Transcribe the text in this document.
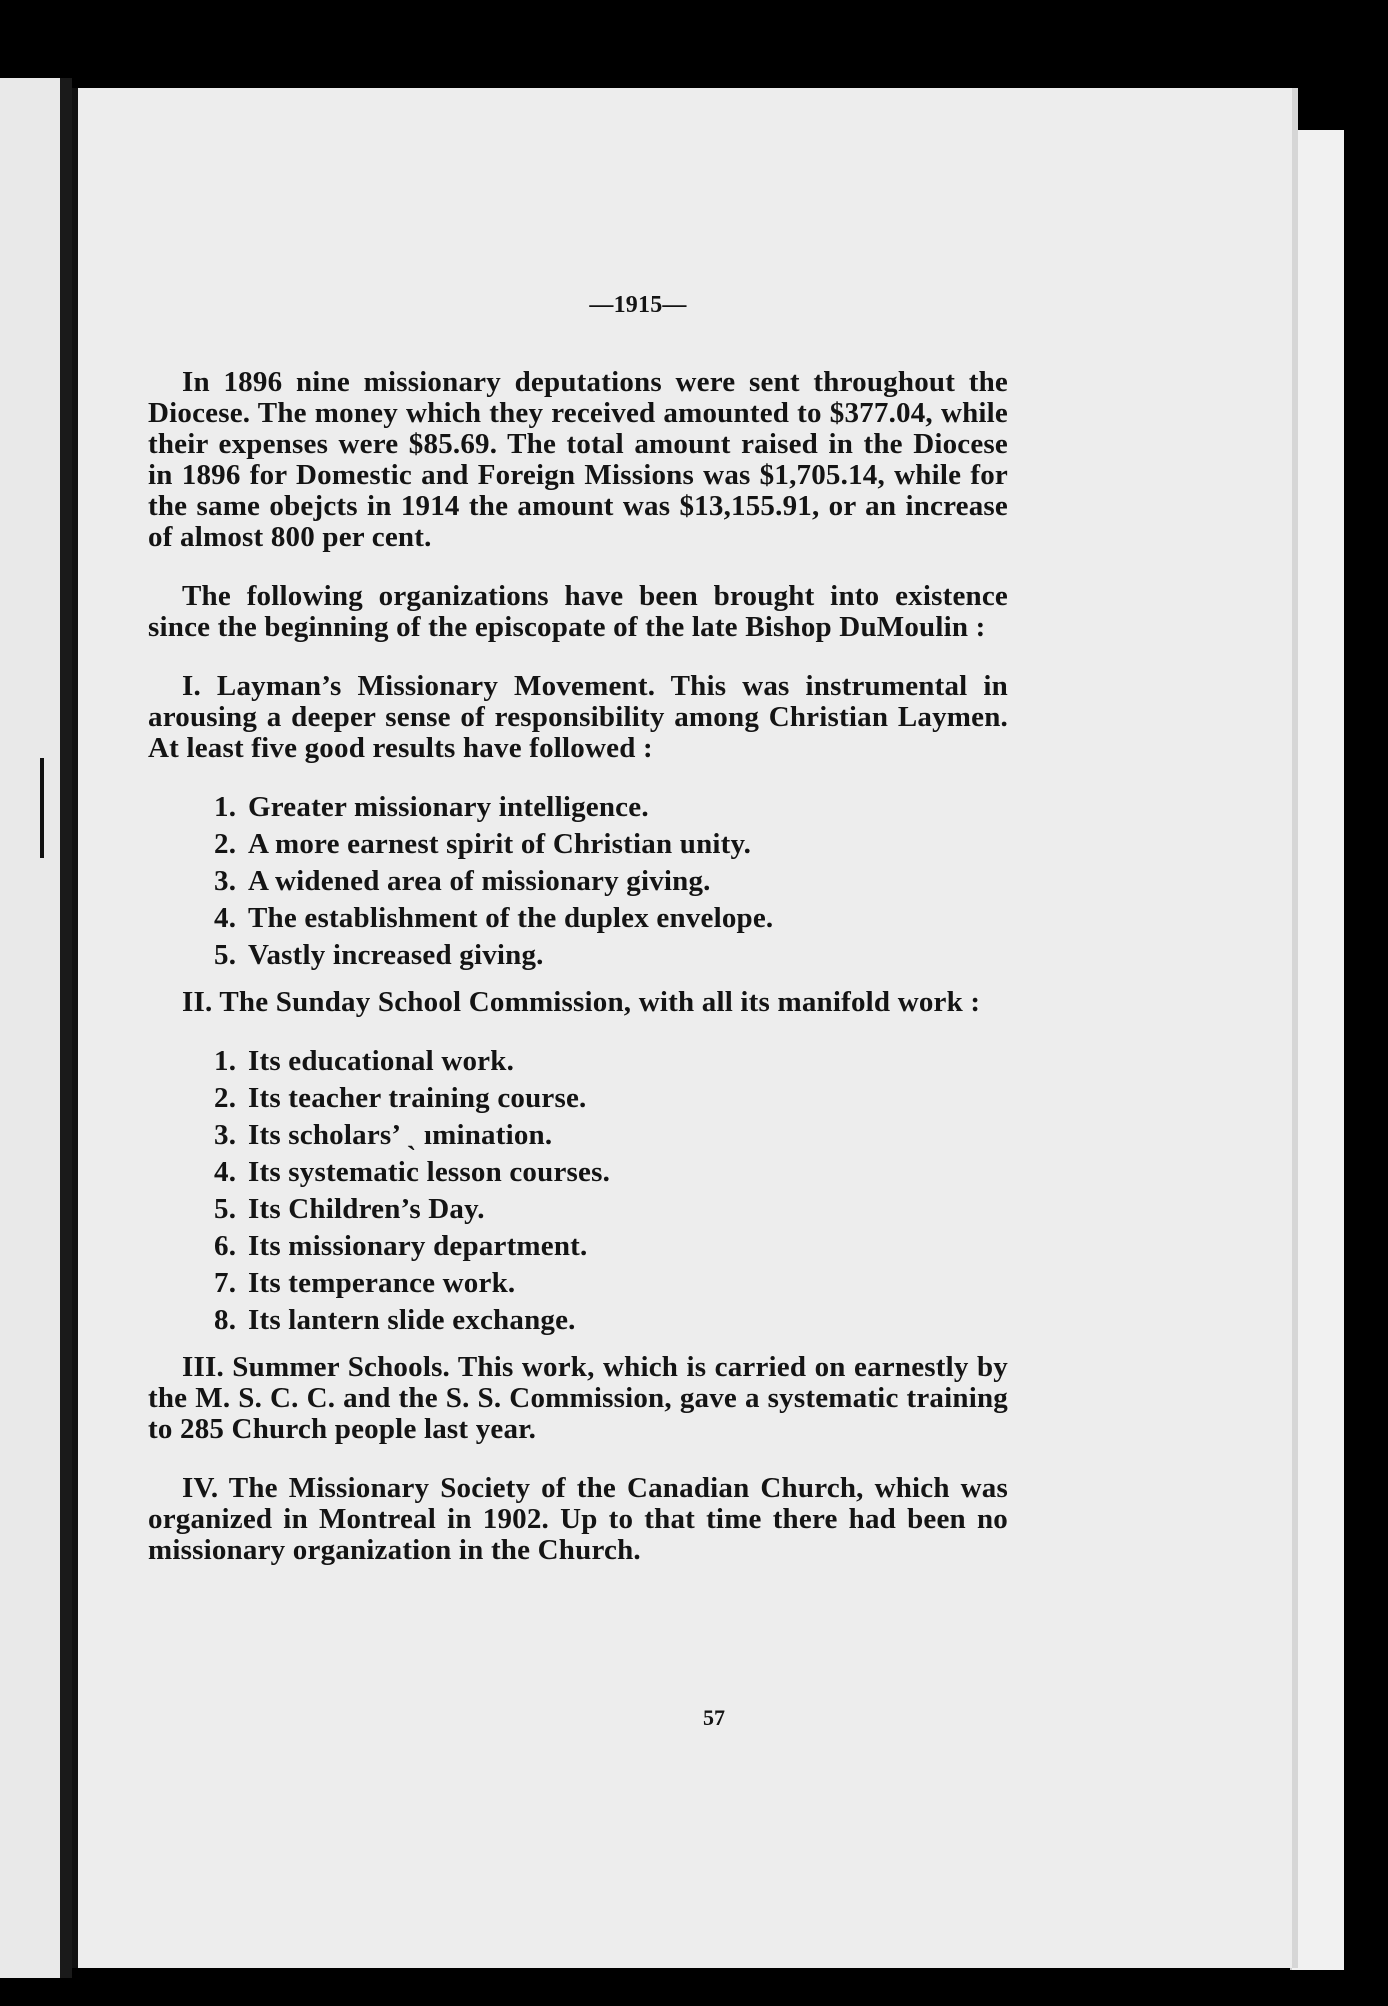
—1915—

In 1896 nine missionary deputations were sent throughout the Diocese. The money which they received amounted to $377.04, while their expenses were $85.69. The total amount raised in the Diocese in 1896 for Domestic and Foreign Missions was $1,705.14, while for the same obejcts in 1914 the amount was $13,155.91, or an increase of almost 800 per cent.

The following organizations have been brought into existence since the beginning of the episcopate of the late Bishop DuMoulin :

I. Layman’s Missionary Movement. This was instrumental in arousing a deeper sense of responsibility among Christian Laymen. At least five good results have followed :

1. Greater missionary intelligence.
2. A more earnest spirit of Christian unity.
3. A widened area of missionary giving.
4. The establishment of the duplex envelope.
5. Vastly increased giving.

II. The Sunday School Commission, with all its manifold work :

1. Its educational work.
2. Its teacher training course.
3. Its scholars’ ˎ ımination.
4. Its systematic lesson courses.
5. Its Children’s Day.
6. Its missionary department.
7. Its temperance work.
8. Its lantern slide exchange.

III. Summer Schools. This work, which is carried on earnestly by the M. S. C. C. and the S. S. Commission, gave a systematic training to 285 Church people last year.

IV. The Missionary Society of the Canadian Church, which was organized in Montreal in 1902. Up to that time there had been no missionary organization in the Church.

57
